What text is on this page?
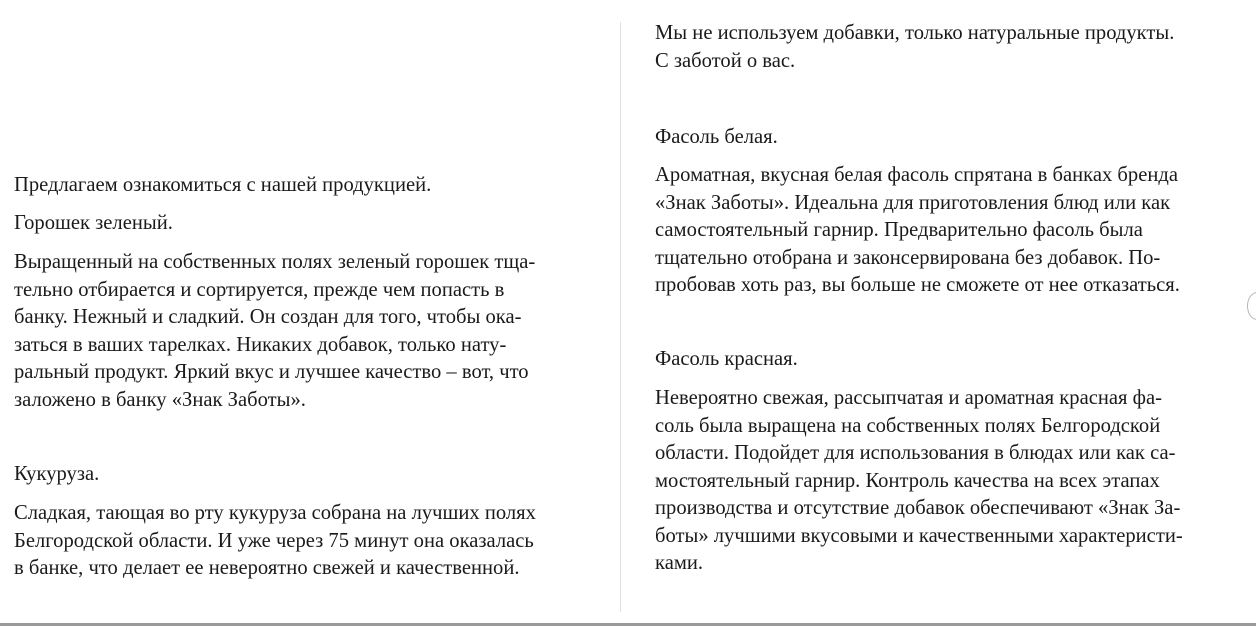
Предлагаем ознакомиться с нашей продукцией.

Горошек зеленый.

Выращенный на собственных полях зеленый горошек тща-

тельно отбирается и сортируется, прежде чем попасть в

банку. Нежный и сладкий. Он создан для того, чтобы ока-

заться в ваших тарелках. Никаких добавок, только нату-

ральный продукт. Яркий вкус и лучшее качество – вот, что

заложено в банку «Знак Заботы».

Кукуруза.

Сладкая, тающая во рту кукуруза собрана на лучших полях

Белгородской области. И уже через 75 минут она оказалась

в банке, что делает ее невероятно свежей и качественной.

Мы не используем добавки, только натуральные продукты.

С заботой о вас.

Фасоль белая.

Ароматная, вкусная белая фасоль спрятана в банках бренда

«Знак Заботы». Идеальна для приготовления блюд или как

самостоятельный гарнир. Предварительно фасоль была

тщательно отобрана и законсервирована без добавок. По-

пробовав хоть раз, вы больше не сможете от нее отказаться.

Фасоль красная.

Невероятно свежая, рассыпчатая и ароматная красная фа-

соль была выращена на собственных полях Белгородской

области. Подойдет для использования в блюдах или как са-

мостоятельный гарнир. Контроль качества на всех этапах

производства и отсутствие добавок обеспечивают «Знак За-

боты» лучшими вкусовыми и качественными характеристи-

ками.
